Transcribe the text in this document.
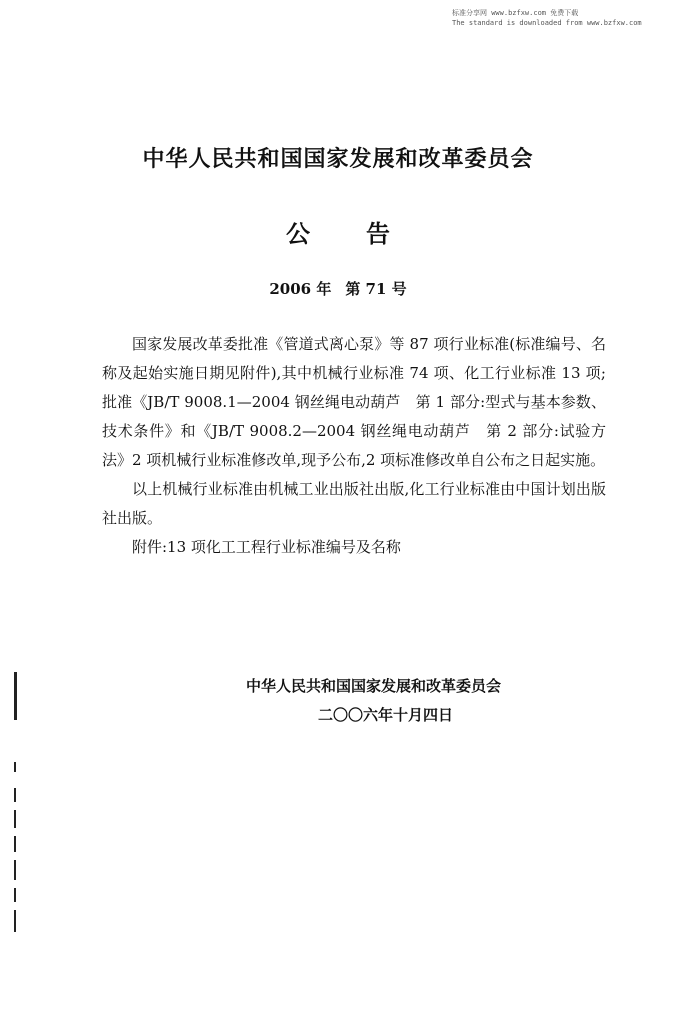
标准分享网 www.bzfxw.com 免费下载
The standard is downloaded from www.bzfxw.com
中华人民共和国国家发展和改革委员会
公 告
2006 年 第 71 号

国家发展改革委批准《管道式离心泵》等 87 项行业标准(标准编号、名称及起始实施日期见附件),其中机械行业标准 74 项、化工行业标准 13 项;批准《JB/T 9008.1—2004 钢丝绳电动葫芦　第 1 部分:型式与基本参数、技术条件》和《JB/T 9008.2—2004 钢丝绳电动葫芦　第 2 部分:试验方法》2 项机械行业标准修改单,现予公布,2 项标准修改单自公布之日起实施。

以上机械行业标准由机械工业出版社出版,化工行业标准由中国计划出版社出版。

附件:13 项化工工程行业标准编号及名称

中华人民共和国国家发展和改革委员会
二〇〇六年十月四日
